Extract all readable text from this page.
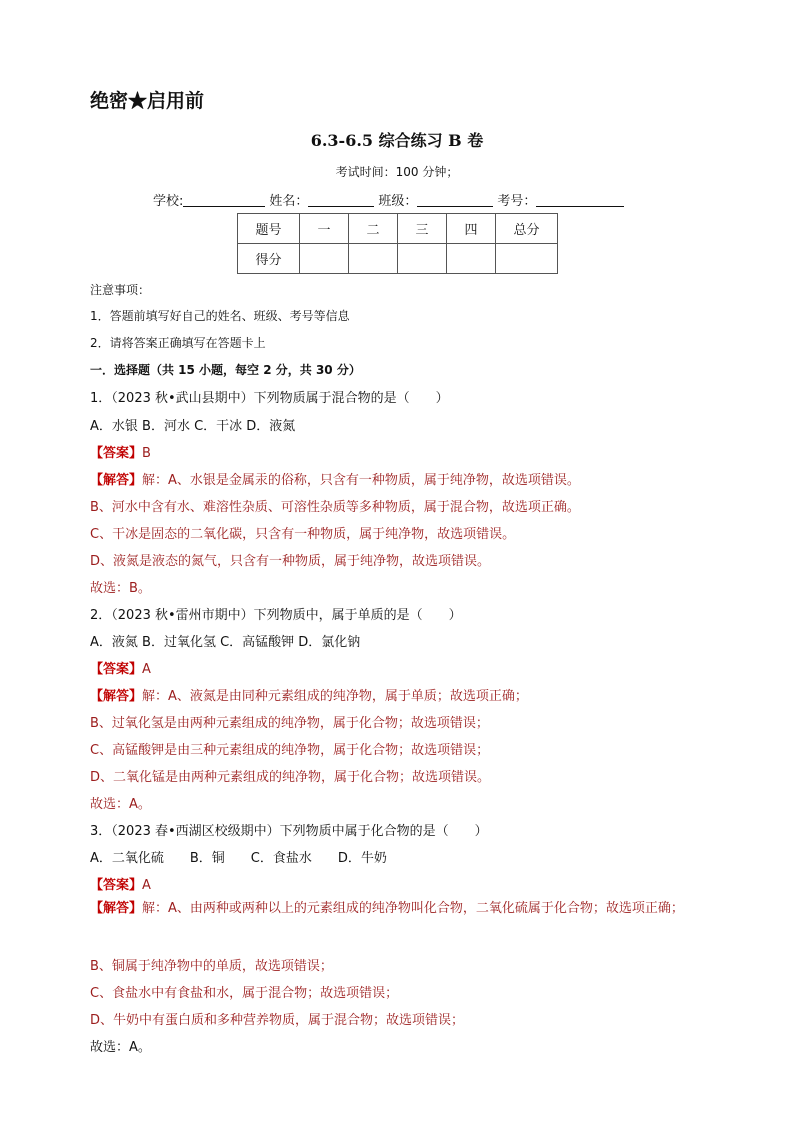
绝密★启用前
6.3-6.5 综合练习 B 卷
考试时间：100 分钟；
学校:	姓名：	班级：	考号：
题号	一	二	三	四	总分
得分					
注意事项：
1．答题前填写好自己的姓名、班级、考号等信息
2．请将答案正确填写在答题卡上
一．选择题（共 15 小题，每空 2 分，共 30 分）
1．（2023 秋•武山县期中）下列物质属于混合物的是（　　）
A．水银 B．河水 C．干冰 D．液氮
【答案】B
【解答】解：A、水银是金属汞的俗称，只含有一种物质，属于纯净物，故选项错误。
B、河水中含有水、难溶性杂质、可溶性杂质等多种物质，属于混合物，故选项正确。
C、干冰是固态的二氧化碳，只含有一种物质，属于纯净物，故选项错误。
D、液氮是液态的氮气，只含有一种物质，属于纯净物，故选项错误。
故选：B。
2．（2023 秋•雷州市期中）下列物质中，属于单质的是（　　）
A．液氮 B．过氧化氢 C．高锰酸钾 D．氯化钠
【答案】A
【解答】解：A、液氮是由同种元素组成的纯净物，属于单质；故选项正确；
B、过氧化氢是由两种元素组成的纯净物，属于化合物；故选项错误；
C、高锰酸钾是由三种元素组成的纯净物，属于化合物；故选项错误；
D、二氧化锰是由两种元素组成的纯净物，属于化合物；故选项错误。
故选：A。
3．（2023 春•西湖区校级期中）下列物质中属于化合物的是（　　）
A．二氧化硫　　B．铜　　C．食盐水　　D．牛奶
【答案】A
【解答】解：A、由两种或两种以上的元素组成的纯净物叫化合物，二氧化硫属于化合物；故选项正确；
B、铜属于纯净物中的单质，故选项错误；
C、食盐水中有食盐和水，属于混合物；故选项错误；
D、牛奶中有蛋白质和多种营养物质，属于混合物；故选项错误；
故选：A。
